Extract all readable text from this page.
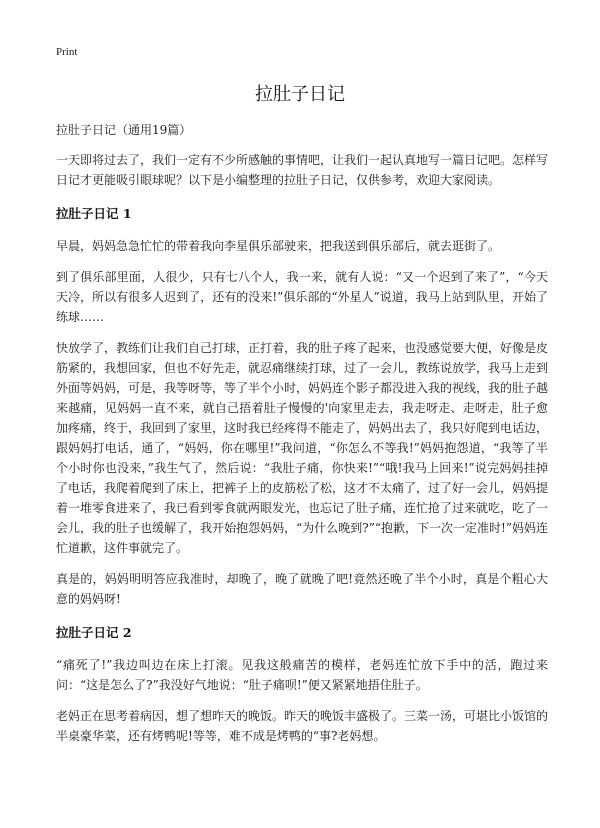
Print
拉肚子日记

拉肚子日记（通用19篇）

一天即将过去了，我们一定有不少所感触的事情吧，让我们一起认真地写一篇日记吧。怎样写日记才更能吸引眼球呢？以下是小编整理的拉肚子日记，仅供参考，欢迎大家阅读。

拉肚子日记 1

早晨，妈妈急急忙忙的带着我向李星俱乐部驶来，把我送到俱乐部后，就去逛街了。

到了俱乐部里面，人很少，只有七八个人，我一来，就有人说：“又一个迟到了来了”，“今天天冷，所以有很多人迟到了，还有的没来!”俱乐部的“外星人”说道，我马上站到队里，开始了练球……

快放学了，教练们让我们自己打球，正打着，我的肚子疼了起来，也没感觉要大便，好像是皮筋紧的，我想回家，但也不好先走，就忍痛继续打球，过了一会儿，教练说放学，我马上走到外面等妈妈，可是，我等呀等，等了半个小时，妈妈连个影子都没进入我的视线，我的肚子越来越痛，见妈妈一直不来，就自己捂着肚子慢慢的'向家里走去，我走呀走、走呀走，肚子愈加疼痛，终于，我回到了家里，这时我已经疼得不能走了，妈妈出去了，我只好爬到电话边，跟妈妈打电话，通了，“妈妈，你在哪里!”我问道，“你怎么不等我!”妈妈抱怨道，“我等了半个小时你也没来，”我生气了，然后说：“我肚子痛，你快来!”“哦!我马上回来!”说完妈妈挂掉了电话，我爬着爬到了床上，把裤子上的皮筋松了松，这才不太痛了，过了好一会儿，妈妈提着一堆零食进来了，我已看到零食就两眼发光，也忘记了肚子痛，连忙抢了过来就吃，吃了一会儿，我的肚子也缓解了，我开始抱怨妈妈，“为什么晚到?”“抱歉，下一次一定准时!”妈妈连忙道歉，这件事就完了。

真是的，妈妈明明答应我准时，却晚了，晚了就晚了吧!竟然还晚了半个小时，真是个粗心大意的妈妈呀!

拉肚子日记 2

“痛死了!”我边叫边在床上打滚。见我这般痛苦的模样，老妈连忙放下手中的活，跑过来问：“这是怎么了?”我没好气地说：“肚子痛呗!”便又紧紧地捂住肚子。

老妈正在思考着病因，想了想昨天的晚饭。昨天的晚饭丰盛极了。三菜一汤，可堪比小饭馆的半桌豪华菜，还有烤鸭呢!等等，难不成是烤鸭的“事?老妈想。
